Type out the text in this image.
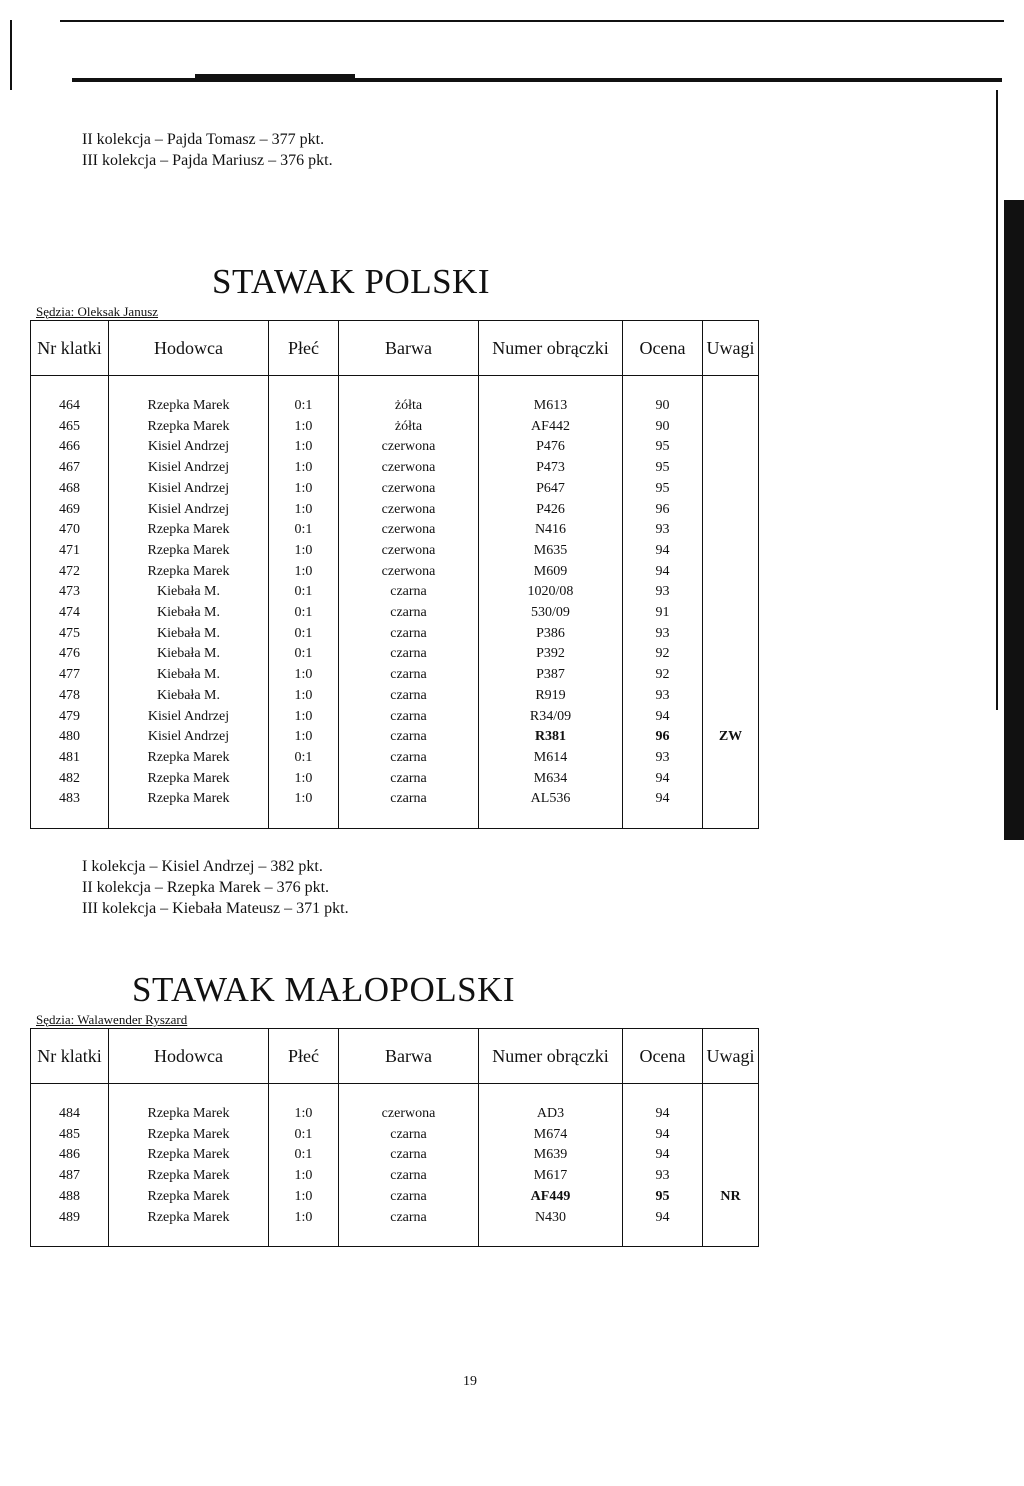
II kolekcja – Pajda Tomasz – 377 pkt.
III kolekcja – Pajda Mariusz – 376 pkt.
STAWAK POLSKI
Sędzia: Oleksak Janusz
Nr klatki	Hodowca	Płeć	Barwa	Numer obrączki	Ocena	Uwagi

464	Rzepka Marek	0:1	żółta	M613	90	
465	Rzepka Marek	1:0	żółta	AF442	90	
466	Kisiel Andrzej	1:0	czerwona	P476	95	
467	Kisiel Andrzej	1:0	czerwona	P473	95	
468	Kisiel Andrzej	1:0	czerwona	P647	95	
469	Kisiel Andrzej	1:0	czerwona	P426	96	
470	Rzepka Marek	0:1	czerwona	N416	93	
471	Rzepka Marek	1:0	czerwona	M635	94	
472	Rzepka Marek	1:0	czerwona	M609	94	
473	Kiebała M.	0:1	czarna	1020/08	93	
474	Kiebała M.	0:1	czarna	530/09	91	
475	Kiebała M.	0:1	czarna	P386	93	
476	Kiebała M.	0:1	czarna	P392	92	
477	Kiebała M.	1:0	czarna	P387	92	
478	Kiebała M.	1:0	czarna	R919	93	
479	Kisiel Andrzej	1:0	czarna	R34/09	94	
480	Kisiel Andrzej	1:0	czarna	R381	96	ZW
481	Rzepka Marek	0:1	czarna	M614	93	
482	Rzepka Marek	1:0	czarna	M634	94	
483	Rzepka Marek	1:0	czarna	AL536	94	

I kolekcja – Kisiel Andrzej – 382 pkt.
II kolekcja – Rzepka Marek – 376 pkt.
III kolekcja – Kiebała Mateusz – 371 pkt.
STAWAK MAŁOPOLSKI
Sędzia: Walawender Ryszard
Nr klatki	Hodowca	Płeć	Barwa	Numer obrączki	Ocena	Uwagi

484	Rzepka Marek	1:0	czerwona	AD3	94	
485	Rzepka Marek	0:1	czarna	M674	94	
486	Rzepka Marek	0:1	czarna	M639	94	
487	Rzepka Marek	1:0	czarna	M617	93	
488	Rzepka Marek	1:0	czarna	AF449	95	NR
489	Rzepka Marek	1:0	czarna	N430	94	

19
